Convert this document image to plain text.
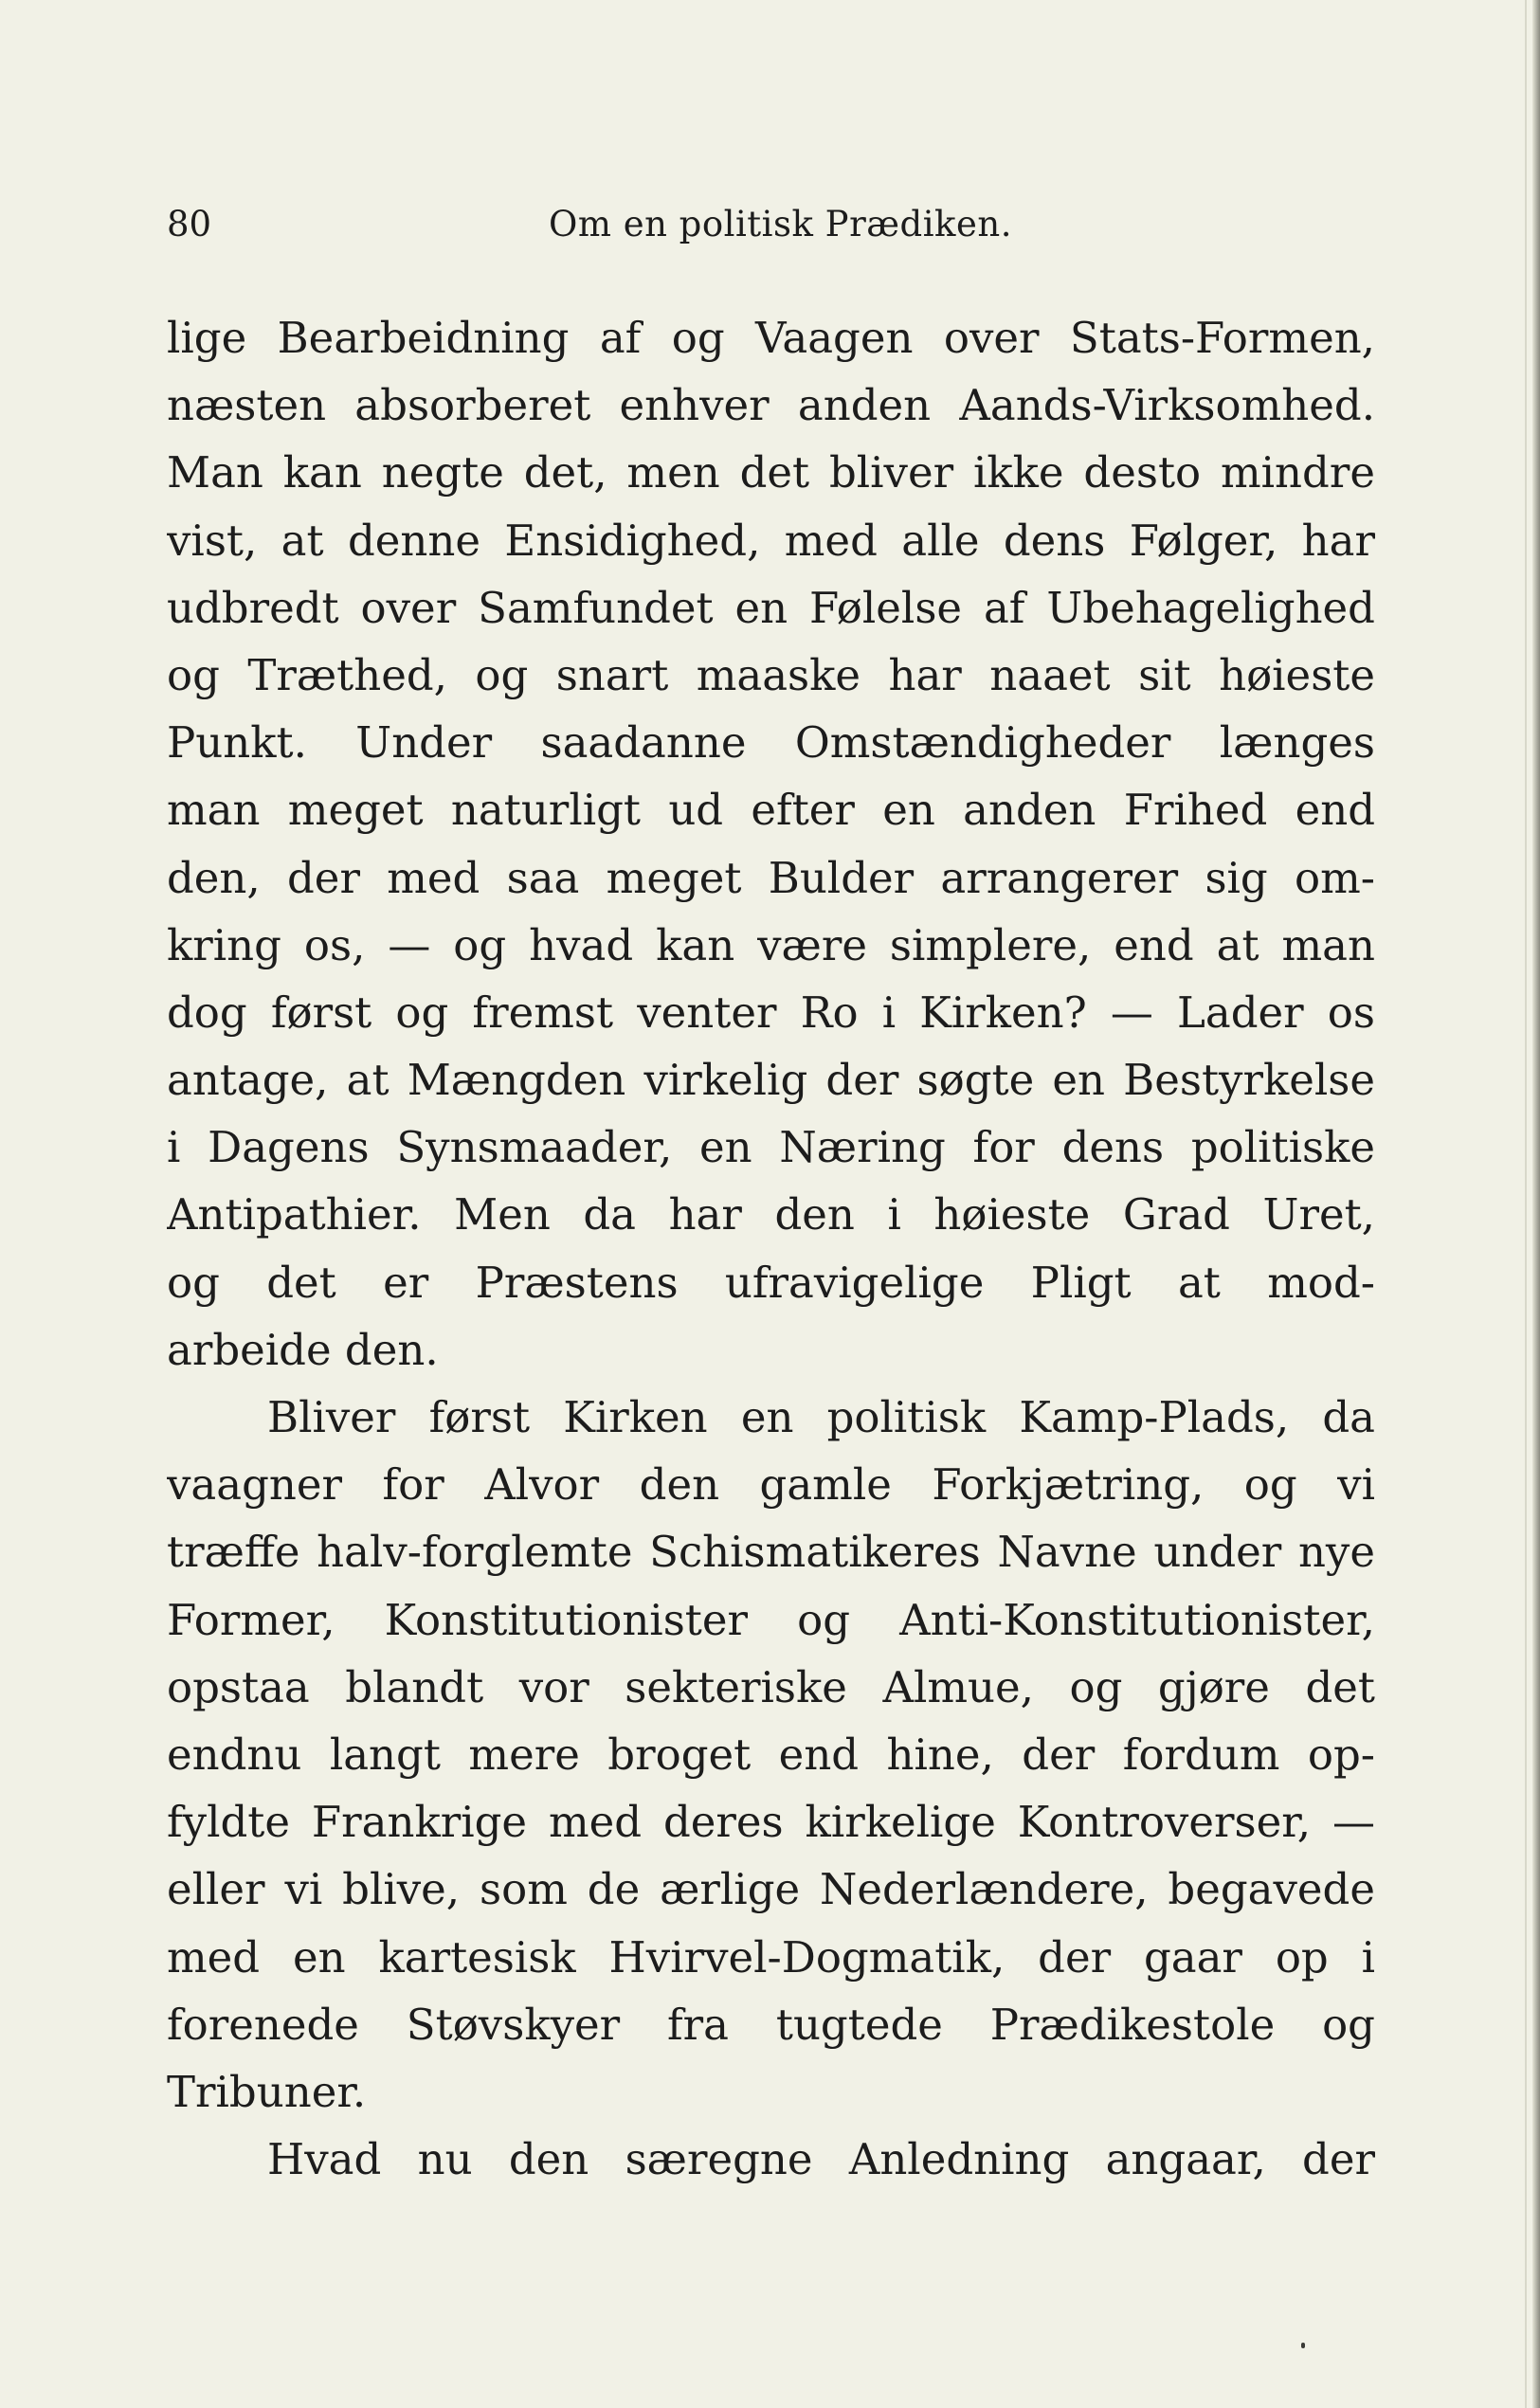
80	Om en politisk Prædiken.
lige Bearbeidning af og Vaagen over Stats-Formen,
næsten absorberet enhver anden Aands-Virksomhed.
Man kan negte det, men det bliver ikke desto mindre
vist, at denne Ensidighed, med alle dens Følger, har
udbredt over Samfundet en Følelse af Ubehagelighed
og Træthed, og snart maaske har naaet sit høieste
Punkt. Under saadanne Omstændigheder længes
man meget naturligt ud efter en anden Frihed end
den, der med saa meget Bulder arrangerer sig om-
kring os, — og hvad kan være simplere, end at man
dog først og fremst venter Ro i Kirken? — Lader os
antage, at Mængden virkelig der søgte en Bestyrkelse
i Dagens Synsmaader, en Næring for dens politiske
Antipathier. Men da har den i høieste Grad Uret,
og det er Præstens ufravigelige Pligt at mod-
arbeide den.
Bliver først Kirken en politisk Kamp-Plads, da
vaagner for Alvor den gamle Forkjætring, og vi
træffe halv-forglemte Schismatikeres Navne under nye
Former, Konstitutionister og Anti-Konstitutionister,
opstaa blandt vor sekteriske Almue, og gjøre det
endnu langt mere broget end hine, der fordum op-
fyldte Frankrige med deres kirkelige Kontroverser, —
eller vi blive, som de ærlige Nederlændere, begavede
med en kartesisk Hvirvel-Dogmatik, der gaar op i
forenede Støvskyer fra tugtede Prædikestole og
Tribuner.
Hvad nu den særegne Anledning angaar, der
